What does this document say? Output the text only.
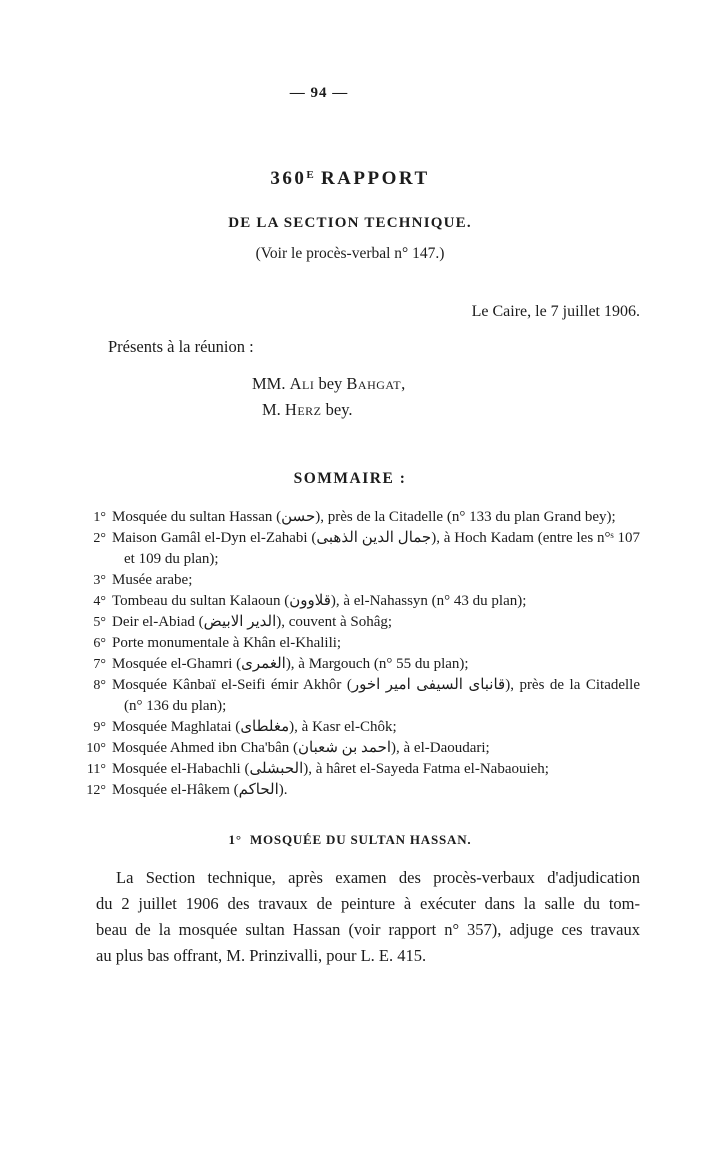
— 94 —
$360^E$ RAPPORT
DE LA SECTION TECHNIQUE.
(Voir le procès-verbal n° 147.)
Le Caire, le 7 juillet 1906.
Présents à la réunion :
MM. Ali bey Bahgat,
M. Herz bey.
SOMMAIRE :
1° Mosquée du sultan Hassan (حسن), près de la Citadelle (n° 133 du plan Grand bey);
2° Maison Gamâl el-Dyn el-Zahabi (جمال الدين الذهبى), à Hoch Kadam (entre les n°ˢ 107 et 109 du plan);
3° Musée arabe;
4° Tombeau du sultan Kalaoun (قلاوون), à el-Nahassyn (n° 43 du plan);
5° Deir el-Abiad (الدير الابيض), couvent à Sohâg;
6° Porte monumentale à Khân el-Khalili;
7° Mosquée el-Ghamri (الغمرى), à Margouch (n° 55 du plan);
8° Mosquée Kânbaï el-Seifi émir Akhôr (قانباى السيفى امير اخور), près de la Citadelle (n° 136 du plan);
9° Mosquée Maghlatai (مغلطاى), à Kasr el-Chôk;
10° Mosquée Ahmed ibn Cha'bân (احمد بن شعبان), à el-Daoudari;
11° Mosquée el-Habachli (الحبشلى), à hâret el-Sayeda Fatma el-Nabaouieh;
12° Mosquée el-Hâkem (الحاكم).
1° MOSQUÉE DU SULTAN HASSAN.
La Section technique, après examen des procès-verbaux d'adjudication
du 2 juillet 1906 des travaux de peinture à exécuter dans la salle du tom-
beau de la mosquée sultan Hassan (voir rapport n° 357), adjuge ces travaux
au plus bas offrant, M. Prinzivalli, pour L. E. 415.
